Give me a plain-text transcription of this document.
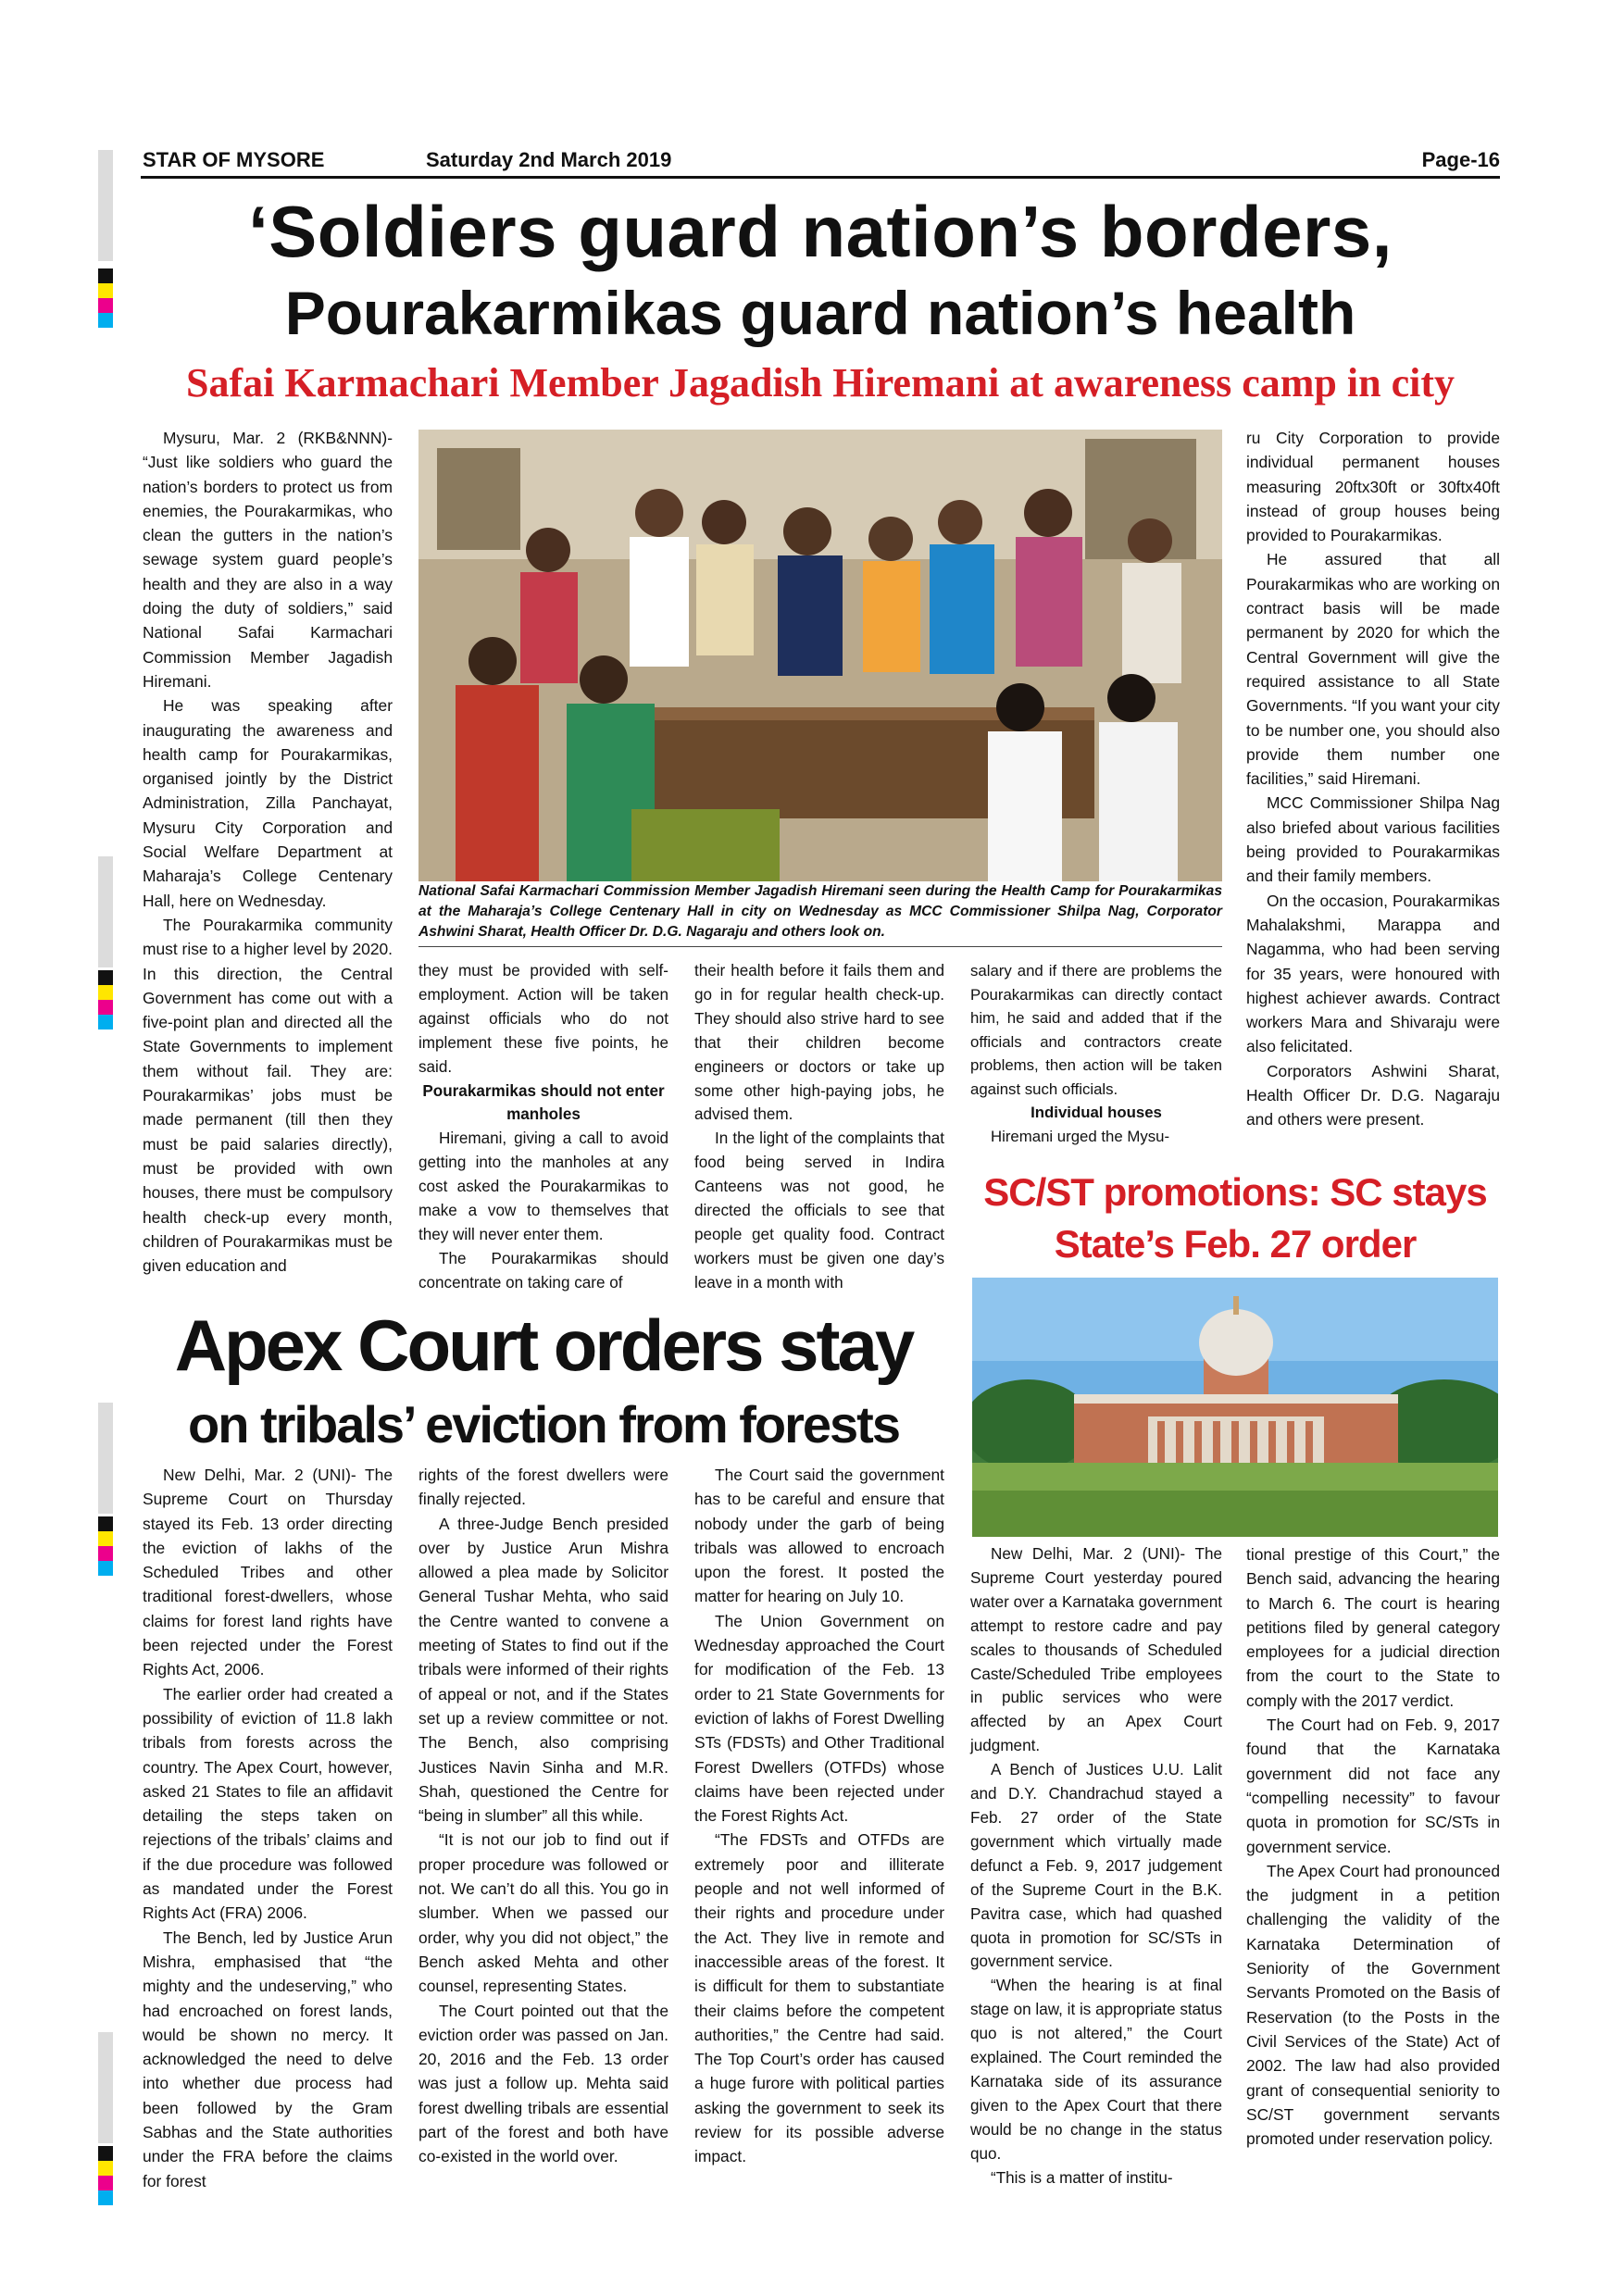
STAR OF MYSORE	Saturday 2nd March 2019	Page-16
‘Soldiers guard nation’s borders,
Pourakarmikas guard nation’s health
Safai Karmachari Member Jagadish Hiremani at awareness camp in city

Mysuru, Mar. 2 (RKB&NNN)- “Just like soldiers who guard the nation’s borders to protect us from enemies, the Pourakarmikas, who clean the gutters in the nation’s sewage system guard people’s health and they are also in a way doing the duty of soldiers,” said National Safai Karmachari Commission Member Jagadish Hiremani.

He was speaking after inaugurating the awareness and health camp for Pourakarmikas, organised jointly by the District Administration, Zilla Panchayat, Mysuru City Corporation and Social Welfare Department at Maharaja’s College Centenary Hall, here on Wednesday.

The Pourakarmika community must rise to a higher level by 2020. In this direction, the Central Government has come out with a five-point plan and directed all the State Governments to implement them without fail. They are: Pourakarmikas’ jobs must be made permanent (till then they must be paid salaries directly), must be provided with own houses, there must be compulsory health check-up every month, children of Pourakarmikas must be given education and

National Safai Karmachari Commission Member Jagadish Hiremani seen during the Health Camp for Pourakarmikas at the Maharaja’s College Centenary Hall in city on Wednesday as MCC Commissioner Shilpa Nag, Corporator Ashwini Sharat, Health Officer Dr. D.G. Nagaraju and others look on.

they must be provided with self-employment. Action will be taken against officials who do not implement these five points, he said.

Pourakarmikas should not enter manholes

Hiremani, giving a call to avoid getting into the manholes at any cost asked the Pourakarmikas to make a vow to themselves that they will never enter them.

The Pourakarmikas should concentrate on taking care of

their health before it fails them and go in for regular health check-up. They should also strive hard to see that their children become engineers or doctors or take up some other high-paying jobs, he advised them.

In the light of the complaints that food being served in Indira Canteens was not good, he directed the officials to see that people get quality food. Contract workers must be given one day’s leave in a month with

salary and if there are problems the Pourakarmikas can directly contact him, he said and added that if the officials and contractors create problems, then action will be taken against such officials.

Individual houses

Hiremani urged the Mysu-

ru City Corporation to provide individual permanent houses measuring 20ftx30ft or 30ftx40ft instead of group houses being provided to Pourakarmikas.

He assured that all Pourakarmikas who are working on contract basis will be made permanent by 2020 for which the Central Government will give the required assistance to all State Governments. “If you want your city to be number one, you should also provide them number one facilities,” said Hiremani.

MCC Commissioner Shilpa Nag also briefed about various facilities being provided to Pourakarmikas and their family members.

On the occasion, Pourakarmikas Mahalakshmi, Marappa and Nagamma, who had been serving for 35 years, were honoured with highest achiever awards. Contract workers Mara and Shivaraju were also felicitated.

Corporators Ashwini Sharat, Health Officer Dr. D.G. Nagaraju and others were present.

SC/ST promotions: SC stays
State’s Feb. 27 order
Apex Court orders stay
on tribals’ eviction from forests

New Delhi, Mar. 2 (UNI)- The Supreme Court on Thursday stayed its Feb. 13 order directing the eviction of lakhs of the Scheduled Tribes and other traditional forest-dwellers, whose claims for forest land rights have been rejected under the Forest Rights Act, 2006.

The earlier order had created a possibility of eviction of 11.8 lakh tribals from forests across the country. The Apex Court, however, asked 21 States to file an affidavit detailing the steps taken on rejections of the tribals’ claims and if the due procedure was followed as mandated under the Forest Rights Act (FRA) 2006.

The Bench, led by Justice Arun Mishra, emphasised that “the mighty and the undeserving,” who had encroached on forest lands, would be shown no mercy. It acknowledged the need to delve into whether due process had been followed by the Gram Sabhas and the State authorities under the FRA before the claims for forest

rights of the forest dwellers were finally rejected.

A three-Judge Bench presided over by Justice Arun Mishra allowed a plea made by Solicitor General Tushar Mehta, who said the Centre wanted to convene a meeting of States to find out if the tribals were informed of their rights of appeal or not, and if the States set up a review committee or not. The Bench, also comprising Justices Navin Sinha and M.R. Shah, questioned the Centre for “being in slumber” all this while.

“It is not our job to find out if proper procedure was followed or not. We can’t do all this. You go in slumber. When we passed our order, why you did not object,” the Bench asked Mehta and other counsel, representing States.

The Court pointed out that the eviction order was passed on Jan. 20, 2016 and the Feb. 13 order was just a follow up. Mehta said forest dwelling tribals are essential part of the forest and both have co-existed in the world over.

The Court said the government has to be careful and ensure that nobody under the garb of being tribals was allowed to encroach upon the forest. It posted the matter for hearing on July 10.

The Union Government on Wednesday approached the Court for modification of the Feb. 13 order to 21 State Governments for eviction of lakhs of Forest Dwelling STs (FDSTs) and Other Traditional Forest Dwellers (OTFDs) whose claims have been rejected under the Forest Rights Act.

“The FDSTs and OTFDs are extremely poor and illiterate people and not well informed of their rights and procedure under the Act. They live in remote and inaccessible areas of the forest. It is difficult for them to substantiate their claims before the competent authorities,” the Centre had said. The Top Court’s order has caused a huge furore with political parties asking the government to seek its review for its possible adverse impact.

New Delhi, Mar. 2 (UNI)- The Supreme Court yesterday poured water over a Karnataka government attempt to restore cadre and pay scales to thousands of Scheduled Caste/Scheduled Tribe employees in public services who were affected by an Apex Court judgment.

A Bench of Justices U.U. Lalit and D.Y. Chandrachud stayed a Feb. 27 order of the State government which virtually made defunct a Feb. 9, 2017 judgement of the Supreme Court in the B.K. Pavitra case, which had quashed quota in promotion for SC/STs in government service.

“When the hearing is at final stage on law, it is appropriate status quo is not altered,” the Court explained. The Court reminded the Karnataka side of its assurance given to the Apex Court that there would be no change in the status quo.

“This is a matter of institu-

tional prestige of this Court,” the Bench said, advancing the hearing to March 6. The court is hearing petitions filed by general category employees for a judicial direction from the court to the State to comply with the 2017 verdict.

The Court had on Feb. 9, 2017 found that the Karnataka government did not face any “compelling necessity” to favour quota in promotion for SC/STs in government service.

The Apex Court had pronounced the judgment in a petition challenging the validity of the Karnataka Determination of Seniority of the Government Servants Promoted on the Basis of Reservation (to the Posts in the Civil Services of the State) Act of 2002. The law had also provided grant of consequential seniority to SC/ST government servants promoted under reservation policy.
